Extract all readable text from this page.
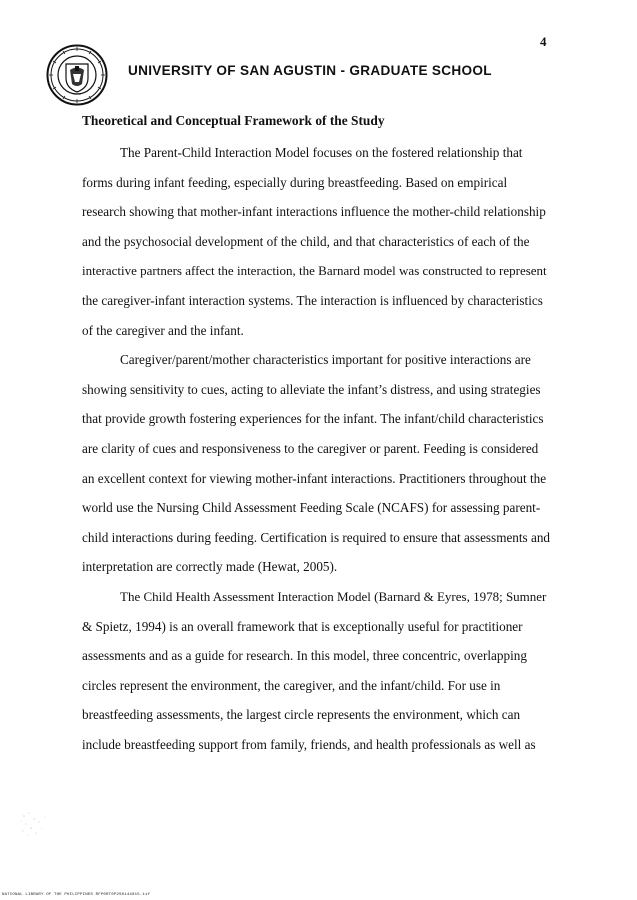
4
UNIVERSITY OF SAN AGUSTIN - GRADUATE SCHOOL
Theoretical and Conceptual Framework of the Study
The Parent-Child Interaction Model focuses on the fostered relationship that
forms during infant feeding, especially during breastfeeding. Based on empirical
research showing that mother-infant interactions influence the mother-child relationship
and the psychosocial development of the child, and that characteristics of each of the
interactive partners affect the interaction, the Barnard model was constructed to represent
the caregiver-infant interaction systems. The interaction is influenced by characteristics
of the caregiver and the infant.
Caregiver/parent/mother characteristics important for positive interactions are
showing sensitivity to cues, acting to alleviate the infant’s distress, and using strategies
that provide growth fostering experiences for the infant. The infant/child characteristics
are clarity of cues and responsiveness to the caregiver or parent. Feeding is considered
an excellent context for viewing mother-infant interactions. Practitioners throughout the
world use the Nursing Child Assessment Feeding Scale (NCAFS) for assessing parent-
child interactions during feeding. Certification is required to ensure that assessments and
interpretation are correctly made (Hewat, 2005).
The Child Health Assessment Interaction Model (Barnard & Eyres, 1978; Sumner
& Spietz, 1994) is an overall framework that is exceptionally useful for practitioner
assessments and as a guide for research. In this model, three concentric, overlapping
circles represent the environment, the caregiver, and the infant/child. For use in
breastfeeding assessments, the largest circle represents the environment, which can
include breastfeeding support from family, friends, and health professionals as well as
NATIONAL LIBRARY OF THE PHILIPPINES RFP0RT0P2S0144015.tif
